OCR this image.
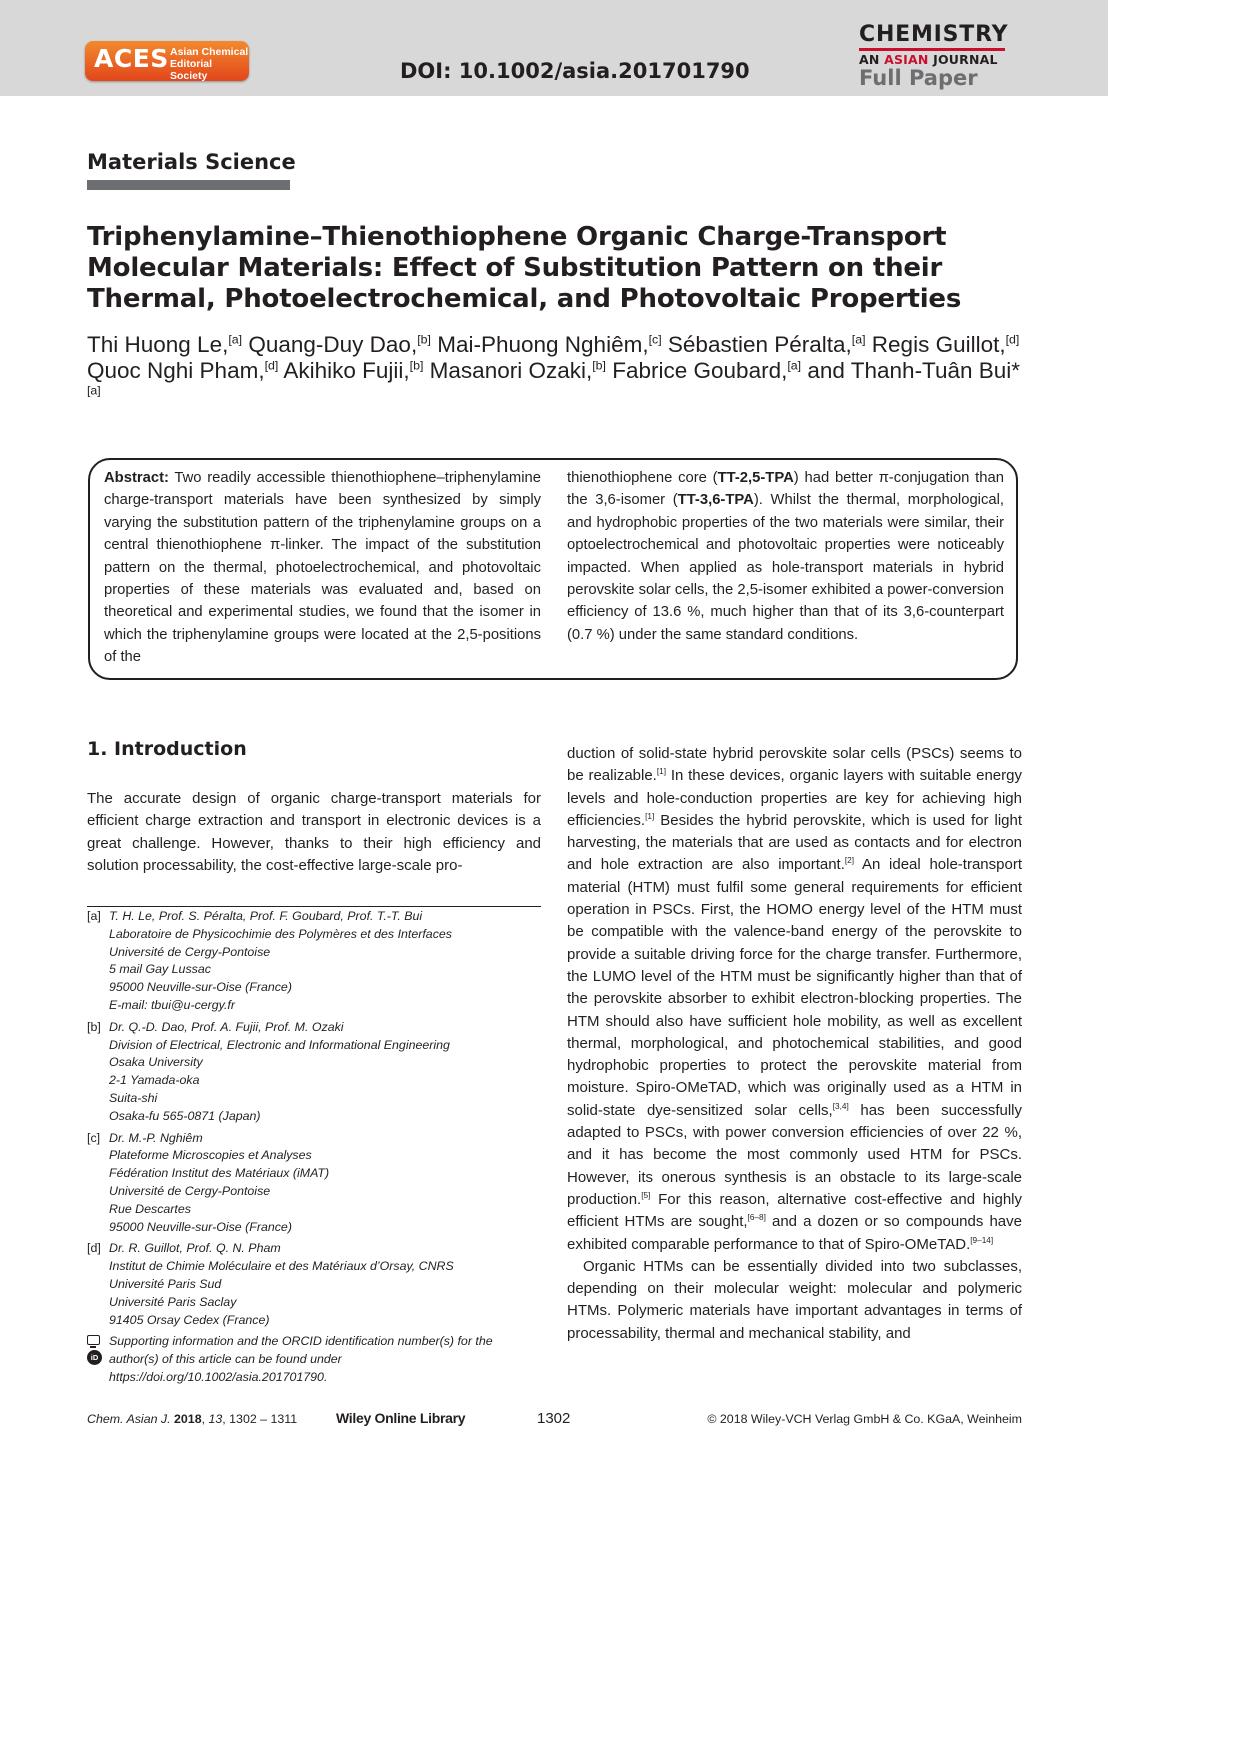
ACES Asian Chemical
Editorial Society	DOI: 10.1002/asia.201701790
CHEMISTRY
AN ASIAN JOURNAL
Full Paper
Materials Science
Triphenylamine–Thienothiophene Organic Charge-Transport Molecular Materials: Effect of Substitution Pattern on their Thermal, Photoelectrochemical, and Photovoltaic Properties
Thi Huong Le,[a] Quang-Duy Dao,[b] Mai-Phuong Nghiêm,[c] Sébastien Péralta,[a] Regis Guillot,[d] Quoc Nghi Pham,[d] Akihiko Fujii,[b] Masanori Ozaki,[b] Fabrice Goubard,[a] and Thanh-Tuân Bui*[a]
Abstract: Two readily accessible thienothiophene–triphenylamine charge-transport materials have been synthesized by simply varying the substitution pattern of the triphenylamine groups on a central thienothiophene π-linker. The impact of the substitution pattern on the thermal, photoelectrochemical, and photovoltaic properties of these materials was evaluated and, based on theoretical and experimental studies, we found that the isomer in which the triphenylamine groups were located at the 2,5-positions of the
thienothiophene core (TT-2,5-TPA) had better π-conjugation than the 3,6-isomer (TT-3,6-TPA). Whilst the thermal, morphological, and hydrophobic properties of the two materials were similar, their optoelectrochemical and photovoltaic properties were noticeably impacted. When applied as hole-transport materials in hybrid perovskite solar cells, the 2,5-isomer exhibited a power-conversion efficiency of 13.6 %, much higher than that of its 3,6-counterpart (0.7 %) under the same standard conditions.
1. Introduction
The accurate design of organic charge-transport materials for efficient charge extraction and transport in electronic devices is a great challenge. However, thanks to their high efficiency and solution processability, the cost-effective large-scale pro-

duction of solid-state hybrid perovskite solar cells (PSCs) seems to be realizable.[1] In these devices, organic layers with suitable energy levels and hole-conduction properties are key for achieving high efficiencies.[1] Besides the hybrid perovskite, which is used for light harvesting, the materials that are used as contacts and for electron and hole extraction are also important.[2] An ideal hole-transport material (HTM) must fulfil some general requirements for efficient operation in PSCs. First, the HOMO energy level of the HTM must be compatible with the valence-band energy of the perovskite to provide a suitable driving force for the charge transfer. Furthermore, the LUMO level of the HTM must be significantly higher than that of the perovskite absorber to exhibit electron-blocking properties. The HTM should also have sufficient hole mobility, as well as excellent thermal, morphological, and photochemical stabilities, and good hydrophobic properties to protect the perovskite material from moisture. Spiro-OMeTAD, which was originally used as a HTM in solid-state dye-sensitized solar cells,[3,4] has been successfully adapted to PSCs, with power conversion efficiencies of over 22 %, and it has become the most commonly used HTM for PSCs. However, its onerous synthesis is an obstacle to its large-scale production.[5] For this reason, alternative cost-effective and highly efficient HTMs are sought,[6–8] and a dozen or so compounds have exhibited comparable performance to that of Spiro-OMeTAD.[9–14]

Organic HTMs can be essentially divided into two subclasses, depending on their molecular weight: molecular and polymeric HTMs. Polymeric materials have important advantages in terms of processability, thermal and mechanical stability, and

[a] T. H. Le, Prof. S. Péralta, Prof. F. Goubard, Prof. T.-T. Bui
Laboratoire de Physicochimie des Polymères et des Interfaces
Université de Cergy-Pontoise
5 mail Gay Lussac
95000 Neuville-sur-Oise (France)
E-mail: tbui@u-cergy.fr
[b] Dr. Q.-D. Dao, Prof. A. Fujii, Prof. M. Ozaki
Division of Electrical, Electronic and Informational Engineering
Osaka University
2-1 Yamada-oka
Suita-shi
Osaka-fu 565-0871 (Japan)
[c] Dr. M.-P. Nghiêm
Plateforme Microscopies et Analyses
Fédération Institut des Matériaux (iMAT)
Université de Cergy-Pontoise
Rue Descartes
95000 Neuville-sur-Oise (France)
[d] Dr. R. Guillot, Prof. Q. N. Pham
Institut de Chimie Moléculaire et des Matériaux d’Orsay, CNRS
Université Paris Sud
Université Paris Saclay
91405 Orsay Cedex (France)
iD
Supporting information and the ORCID identification number(s) for the author(s) of this article can be found under https://doi.org/10.1002/asia.201701790.
Chem. Asian J. 2018, 13, 1302 – 1311	Wiley Online Library	1302	© 2018 Wiley-VCH Verlag GmbH & Co. KGaA, Weinheim
